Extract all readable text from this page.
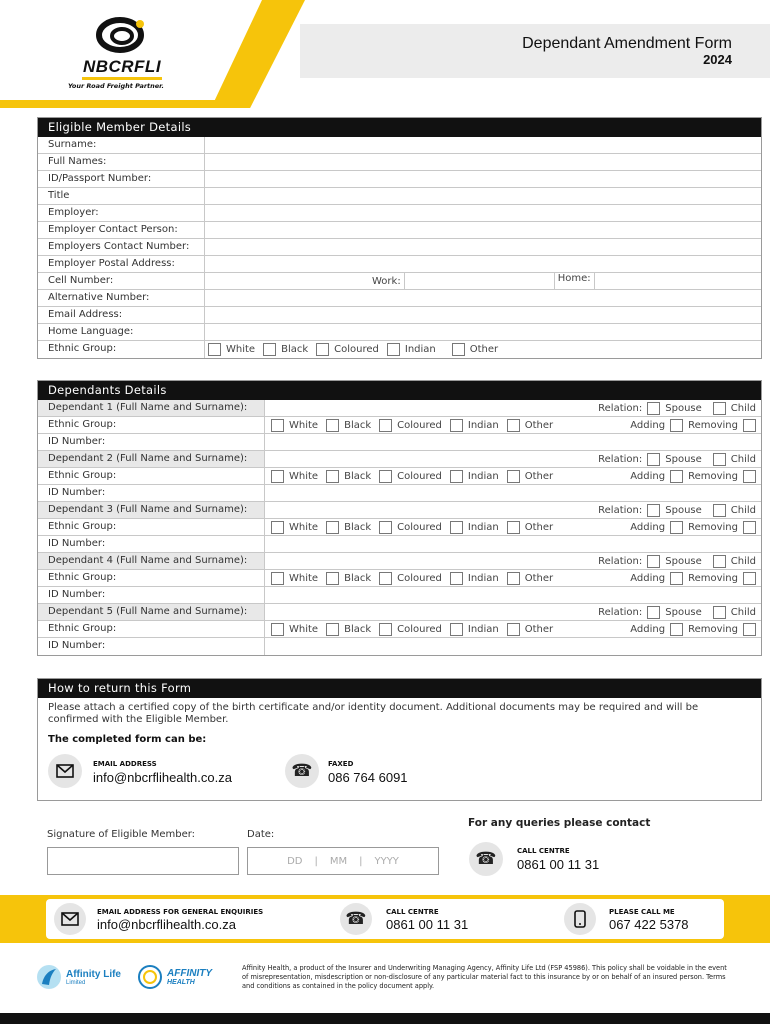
NBCRFLI
Your Road Freight Partner.
Dependant Amendment Form
2024
Eligible Member Details
Surname:
Full Names:
ID/Passport Number:
Title
Employer:
Employer Contact Person:
Employers Contact Number:
Employer Postal Address:
Cell Number:	Work:	Home:
Alternative Number:
Email Address:
Home Language:
Ethnic Group:	White	Black	Coloured	Indian	Other
Dependants Details
Dependant 1 (Full Name and Surname):	Relation: Spouse	Child
Ethnic Group:	White	Black	Coloured	Indian	Other	Adding Removing
ID Number:
Dependant 2 (Full Name and Surname):	Relation: Spouse	Child
Ethnic Group:	White	Black	Coloured	Indian	Other	Adding Removing
ID Number:
Dependant 3 (Full Name and Surname):	Relation: Spouse	Child
Ethnic Group:	White	Black	Coloured	Indian	Other	Adding Removing
ID Number:
Dependant 4 (Full Name and Surname):	Relation: Spouse	Child
Ethnic Group:	White	Black	Coloured	Indian	Other	Adding Removing
ID Number:
Dependant 5 (Full Name and Surname):	Relation: Spouse	Child
Ethnic Group:	White	Black	Coloured	Indian	Other	Adding Removing
ID Number:
How to return this Form

Please attach a certified copy of the birth certificate and/or identity document. Additional documents may be required and will be confirmed with the Eligible Member.

The completed form can be:
EMAIL ADDRESS
info@nbcrflihealth.co.za	☎ FAXED
086 764 6091
Signature of Eligible Member:	Date:
DD | MM | YYYY
For any queries please contact
☎	CALL CENTRE
0861 00 11 31
EMAIL ADDRESS FOR GENERAL ENQUIRIES
info@nbcrflihealth.co.za	☎	CALL CENTRE
0861 00 11 31
PLEASE CALL ME
067 422 5378
Affinity Life
Limited
AFFINITY
HEALTH
Affinity Health, a product of the Insurer and Underwriting Managing Agency, Affinity Life Ltd (FSP 45986). This policy shall be voidable in the event of misrepresentation, misdescription or non-disclosure of any particular material fact to this insurance by or on behalf of an insured person. Terms and conditions as contained in the policy document apply.
